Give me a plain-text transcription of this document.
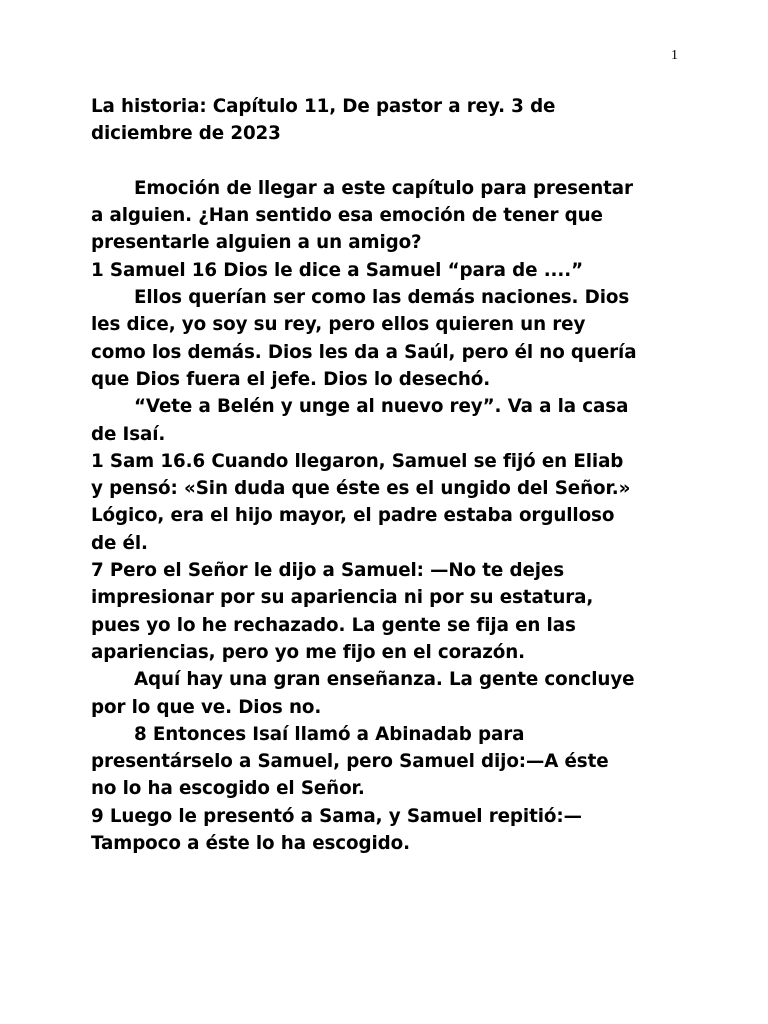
1
La historia: Capítulo 11, De pastor a rey. 3 de
diciembre de 2023
Emoción de llegar a este capítulo para presentar
a alguien. ¿Han sentido esa emoción de tener que
presentarle alguien a un amigo?
1 Samuel 16 Dios le dice a Samuel “para de ....”
Ellos querían ser como las demás naciones. Dios
les dice, yo soy su rey, pero ellos quieren un rey
como los demás. Dios les da a Saúl, pero él no quería
que Dios fuera el jefe. Dios lo desechó.
“Vete a Belén y unge al nuevo rey”. Va a la casa
de Isaí.
1 Sam 16.6 Cuando llegaron, Samuel se fijó en Eliab
y pensó: «Sin duda que éste es el ungido del Señor.»
Lógico, era el hijo mayor, el padre estaba orgulloso
de él.
7 Pero el Señor le dijo a Samuel: —No te dejes
impresionar por su apariencia ni por su estatura,
pues yo lo he rechazado. La gente se fija en las
apariencias, pero yo me fijo en el corazón.
Aquí hay una gran enseñanza. La gente concluye
por lo que ve. Dios no.
8 Entonces Isaí llamó a Abinadab para
presentárselo a Samuel, pero Samuel dijo:—A éste
no lo ha escogido el Señor.
9 Luego le presentó a Sama, y Samuel repitió:—
Tampoco a éste lo ha escogido.
